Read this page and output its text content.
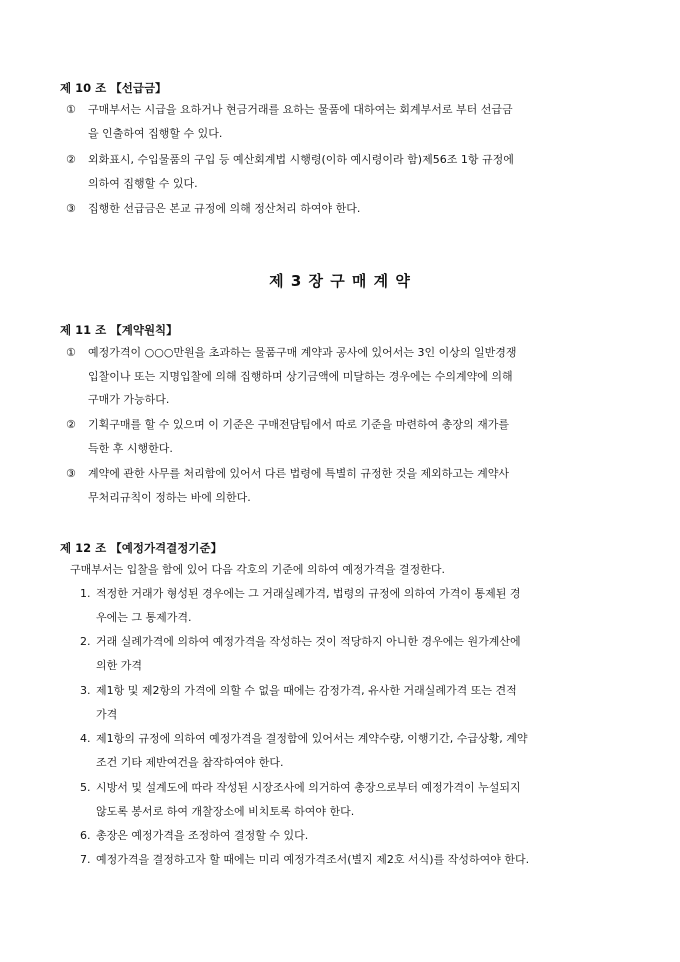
제 10 조 【선급금】
① 구매부서는 시급을 요하거나 현금거래를 요하는 물품에 대하여는 회계부서로 부터 선급금
을 인출하여 집행할 수 있다.
② 외화표시, 수입물품의 구입 등 예산회계법 시행령(이하 예시령이라 함)제56조 1항 규정에
의하여 집행할 수 있다.
③ 집행한 선급금은 본교 규정에 의해 정산처리 하여야 한다.
제 3 장 구 매 계 약
제 11 조 【계약원칙】
① 예정가격이 ○○○만원을 초과하는 물품구매 계약과 공사에 있어서는 3인 이상의 일반경쟁
입찰이나 또는 지명입찰에 의해 집행하며 상기금액에 미달하는 경우에는 수의계약에 의해
구매가 가능하다.
② 기획구매를 할 수 있으며 이 기준은 구매전담팀에서 따로 기준을 마련하여 총장의 재가를
득한 후 시행한다.
③ 계약에 관한 사무를 처리함에 있어서 다른 법령에 특별히 규정한 것을 제외하고는 계약사
무처리규칙이 정하는 바에 의한다.
제 12 조 【예정가격결정기준】
구매부서는 입찰을 함에 있어 다음 각호의 기준에 의하여 예정가격을 결정한다.
1. 적정한 거래가 형성된 경우에는 그 거래실례가격, 법령의 규정에 의하여 가격이 통제된 경
우에는 그 통제가격.
2. 거래 실례가격에 의하여 예정가격을 작성하는 것이 적당하지 아니한 경우에는 원가계산에
의한 가격
3. 제1항 및 제2항의 가격에 의할 수 없을 때에는 감정가격, 유사한 거래실례가격 또는 견적
가격
4. 제1항의 규정에 의하여 예정가격을 결정함에 있어서는 계약수량, 이행기간, 수급상황, 계약
조건 기타 제반여건을 참작하여야 한다.
5. 시방서 및 설계도에 따라 작성된 시장조사에 의거하여 총장으로부터 예정가격이 누설되지
않도록 봉서로 하여 개찰장소에 비치토록 하여야 한다.
6. 총장은 예정가격을 조정하여 결정할 수 있다.
7. 예정가격을 결정하고자 할 때에는 미리 예정가격조서(별지 제2호 서식)를 작성하여야 한다.
